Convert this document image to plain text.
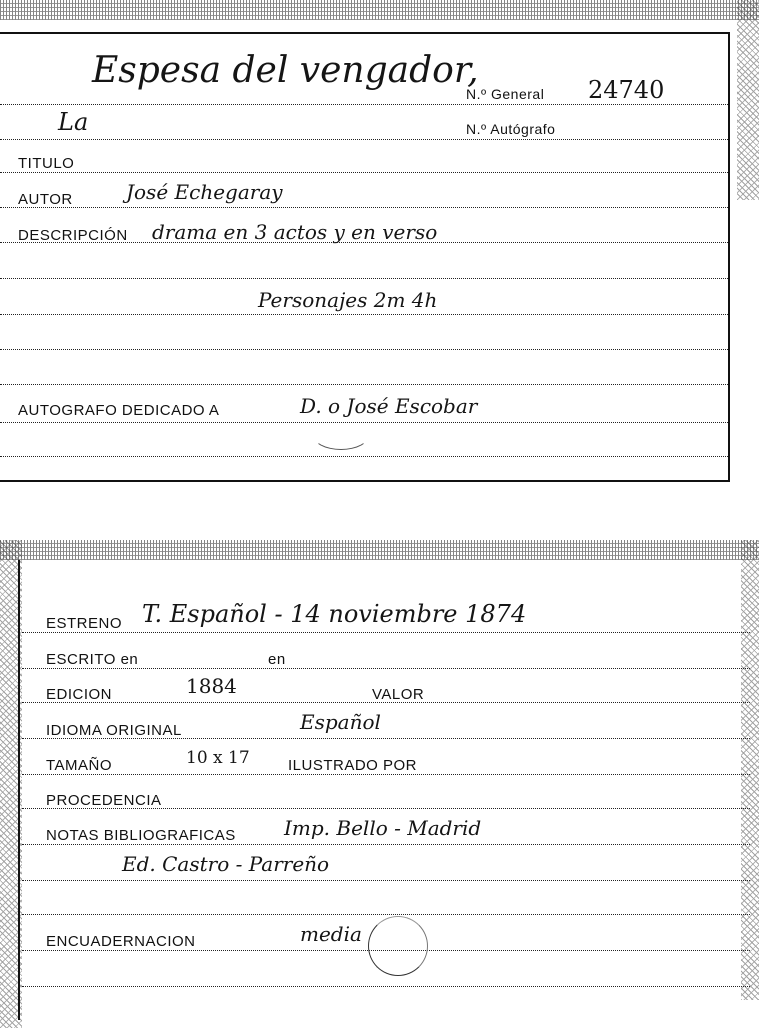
Espesa del vengador,
La
N.º General 24740
N.º Autógrafo
TITULO
AUTOR	José Echegaray
DESCRIPCIÓN drama en 3 actos y en verso
Personajes 2m 4h
AUTOGRAFO DEDICADO A	D. o José Escobar
ESTRENO T. Español - 14 noviembre 1874
ESCRITO en	en
EDICION	1884	VALOR
IDIOMA ORIGINAL	Español
TAMAÑO	10 x 17	ILUSTRADO POR
PROCEDENCIA
NOTAS BIBLIOGRAFICAS Imp. Bello - Madrid
Ed. Castro - Parreño
ENCUADERNACION	media
